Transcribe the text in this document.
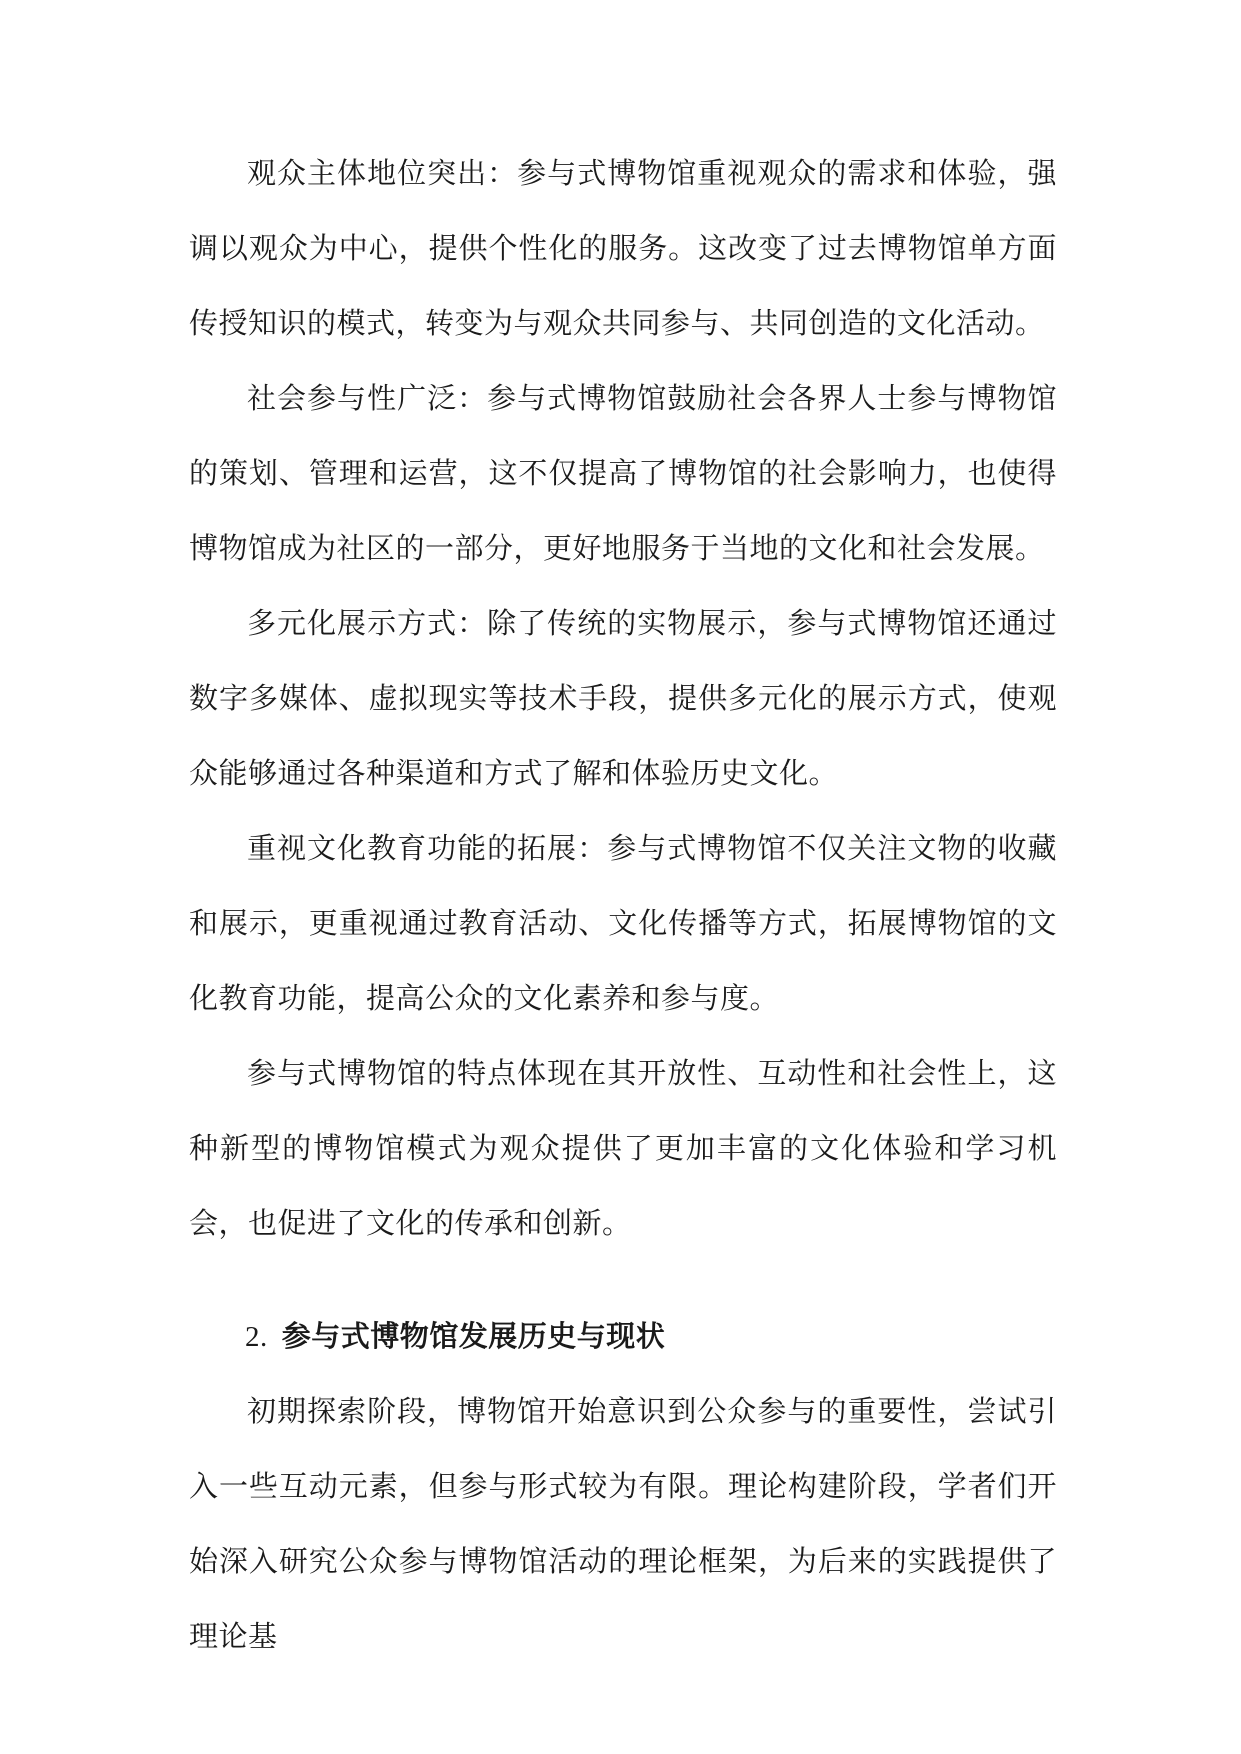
观众主体地位突出：参与式博物馆重视观众的需求和体验，强调以观众为中心，提供个性化的服务。这改变了过去博物馆单方面传授知识的模式，转变为与观众共同参与、共同创造的文化活动。

社会参与性广泛：参与式博物馆鼓励社会各界人士参与博物馆的策划、管理和运营，这不仅提高了博物馆的社会影响力，也使得博物馆成为社区的一部分，更好地服务于当地的文化和社会发展。

多元化展示方式：除了传统的实物展示，参与式博物馆还通过数字多媒体、虚拟现实等技术手段，提供多元化的展示方式，使观众能够通过各种渠道和方式了解和体验历史文化。

重视文化教育功能的拓展：参与式博物馆不仅关注文物的收藏和展示，更重视通过教育活动、文化传播等方式，拓展博物馆的文化教育功能，提高公众的文化素养和参与度。

参与式博物馆的特点体现在其开放性、互动性和社会性上，这种新型的博物馆模式为观众提供了更加丰富的文化体验和学习机会，也促进了文化的传承和创新。

2. 参与式博物馆发展历史与现状

初期探索阶段，博物馆开始意识到公众参与的重要性，尝试引入一些互动元素，但参与形式较为有限。理论构建阶段，学者们开始深入研究公众参与博物馆活动的理论框架，为后来的实践提供了理论基
